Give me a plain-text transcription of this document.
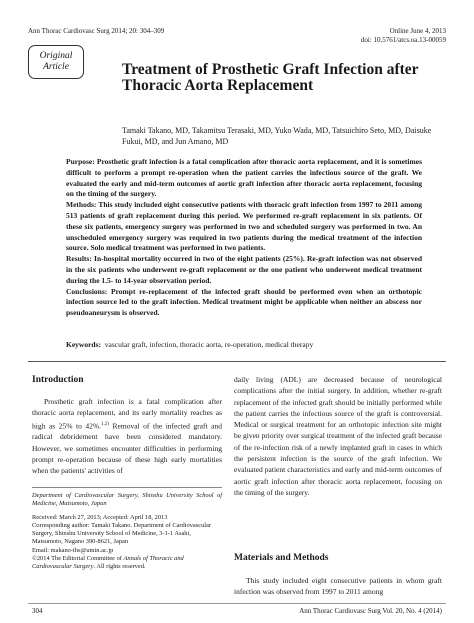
Ann Thorac Cardiovasc Surg 2014; 20: 304–309	Online June 4, 2013
doi: 10.5761/atcs.oa.13-00059
Original
Article	Treatment of Prosthetic Graft Infection after Thoracic Aorta Replacement
Tamaki Takano, MD, Takamitsu Terasaki, MD, Yuko Wada, MD, Tatsuichiro Seto, MD, Daisuke Fukui, MD, and Jun Amano, MD

Purpose: Prosthetic graft infection is a fatal complication after thoracic aorta replacement, and it is sometimes difficult to perform a prompt re-operation when the patient carries the infectious source of the graft. We evaluated the early and mid-term outcomes of aortic graft infection after thoracic aorta replacement, focusing on the timing of the surgery.

Methods: This study included eight consecutive patients with thoracic graft infection from 1997 to 2011 among 513 patients of graft replacement during this period. We performed re-graft replacement in six patients. Of these six patients, emergency surgery was performed in two and scheduled surgery was performed in two. An unscheduled emergency surgery was required in two patients during the medical treatment of the infection source. Solo medical treatment was performed in two patients.

Results: In-hospital mortality occurred in two of the eight patients (25%). Re-graft infection was not observed in the six patients who underwent re-graft replacement or the one patient who underwent medical treatment during the 1.5- to 14-year observation period.

Conclusions: Prompt re-replacement of the infected graft should be performed even when an orthotopic infection source led to the graft infection. Medical treatment might be applicable when neither an abscess nor pseudoaneurysm is observed.

Keywords: vascular graft, infection, thoracic aorta, re-operation, medical therapy
Introduction

Prosthetic graft infection is a fatal complication after thoracic aorta replacement, and its early mortality reaches as high as 25% to 42%.$^{1,2)}$ Removal of the infected graft and radical debridement have been considered mandatory. However, we sometimes encounter difficulties in performing prompt re-operation because of these high early mortalities when the patients' activities of

Department of Cardiovascular Surgery, Shinshu University School of Medicine, Matsumoto, Japan

Received: March 27, 2013; Accepted: April 18, 2013

Corresponding author: Tamaki Takano. Department of Cardiovascular Surgery, Shinshu University School of Medicine, 3-1-1 Asahi, Matsumoto, Nagano 390-8621, Japan

Email: makano-ths@umin.ac.jp

©2014 The Editorial Committee of Annals of Thoracic and Cardiovascular Surgery. All rights reserved.

daily living (ADL) are decreased because of neurological complications after the initial surgery. In addition, whether re-graft replacement of the infected graft should be initially performed while the patient carries the infectious source of the graft is controversial. Medical or surgical treatment for an orthotopic infection site might be given priority over surgical treatment of the infected graft because of the re-infection risk of a newly implanted graft in cases in which the persistent infection is the source of the graft infection. We evaluated patient characteristics and early and mid-term outcomes of aortic graft infection after thoracic aorta replacement, focusing on the timing of the surgery.

Materials and Methods

This study included eight consecutive patients in whom graft infection was observed from 1997 to 2011 among

304	Ann Thorac Cardiovasc Surg Vol. 20, No. 4 (2014)
